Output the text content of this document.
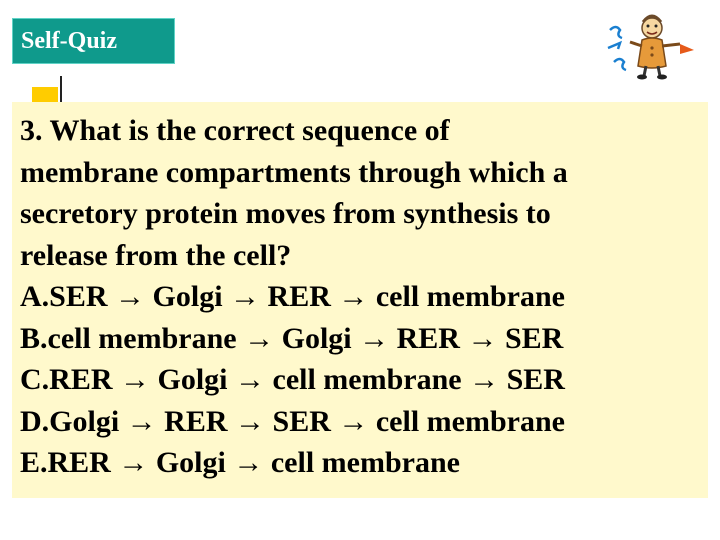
Self-Quiz
3. What is the correct sequence of
membrane compartments through which a
secretory protein moves from synthesis to
release from the cell?
A.SER → Golgi → RER → cell membrane
B.cell membrane → Golgi → RER → SER
C.RER → Golgi → cell membrane → SER
D.Golgi → RER → SER → cell membrane
E.RER → Golgi → cell membrane
